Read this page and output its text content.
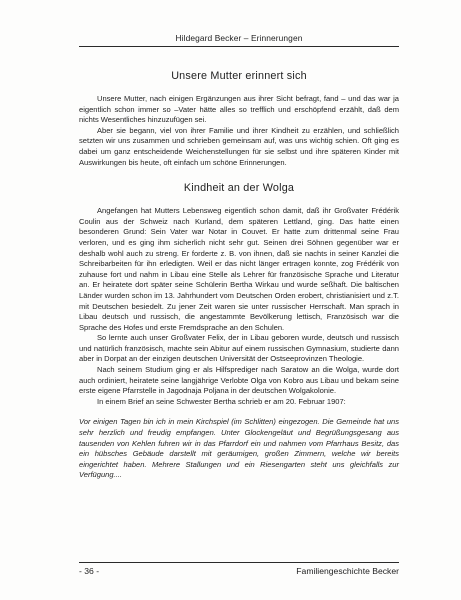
Hildegard Becker – Erinnerungen
Unsere Mutter erinnert sich

Unsere Mutter, nach einigen Ergänzungen aus ihrer Sicht befragt, fand – und das war ja eigentlich schon immer so –Vater hätte alles so trefflich und erschöpfend erzählt, daß dem nichts Wesentliches hinzuzufügen sei.

Aber sie begann, viel von ihrer Familie und ihrer Kindheit zu erzählen, und schließlich setzten wir uns zusammen und schrieben gemeinsam auf, was uns wichtig schien. Oft ging es dabei um ganz entscheidende Weichenstellungen für sie selbst und ihre späteren Kinder mit Auswirkungen bis heute, oft einfach um schöne Erinnerungen.

Kindheit an der Wolga

Angefangen hat Mutters Lebensweg eigentlich schon damit, daß ihr Großvater Frédérik Coulin aus der Schweiz nach Kurland, dem späteren Lettland, ging. Das hatte einen besonderen Grund: Sein Vater war Notar in Couvet. Er hatte zum drittenmal seine Frau verloren, und es ging ihm sicherlich nicht sehr gut. Seinen drei Söhnen gegenüber war er deshalb wohl auch zu streng. Er forderte z. B. von ihnen, daß sie nachts in seiner Kanzlei die Schreibarbeiten für ihn erledigten. Weil er das nicht länger ertragen konnte, zog Frédérik von zuhause fort und nahm in Libau eine Stelle als Lehrer für französische Sprache und Literatur an. Er heiratete dort später seine Schülerin Bertha Wirkau und wurde seßhaft. Die baltischen Länder wurden schon im 13. Jahrhundert vom Deutschen Orden erobert, christianisiert und z.T. mit Deutschen besiedelt. Zu jener Zeit waren sie unter russischer Herrschaft. Man sprach in Libau deutsch und russisch, die angestammte Bevölkerung lettisch, Französisch war die Sprache des Hofes und erste Fremdsprache an den Schulen.

So lernte auch unser Großvater Felix, der in Libau geboren wurde, deutsch und russisch und natürlich französisch, machte sein Abitur auf einem russischen Gymnasium, studierte dann aber in Dorpat an der einzigen deutschen Universität der Ostseeprovinzen Theologie.

Nach seinem Studium ging er als Hilfsprediger nach Saratow an die Wolga, wurde dort auch ordiniert, heiratete seine langjährige Verlobte Olga von Kobro aus Libau und bekam seine erste eigene Pfarrstelle in Jagodnaja Poljana in der deutschen Wolgakolonie.

In einem Brief an seine Schwester Bertha schrieb er am 20. Februar 1907:

Vor einigen Tagen bin ich in mein Kirchspiel (im Schlitten) eingezogen. Die Gemeinde hat uns sehr herzlich und freudig empfangen. Unter Glockengeläut und Begrüßungsgesang aus tausenden von Kehlen fuhren wir in das Pfarrdorf ein und nahmen vom Pfarrhaus Besitz, das ein hübsches Gebäude darstellt mit geräumigen, großen Zimmern, welche wir bereits eingerichtet haben. Mehrere Stallungen und ein Riesengarten steht uns gleichfalls zur Verfügung....

- 36 -	Familiengeschichte Becker
